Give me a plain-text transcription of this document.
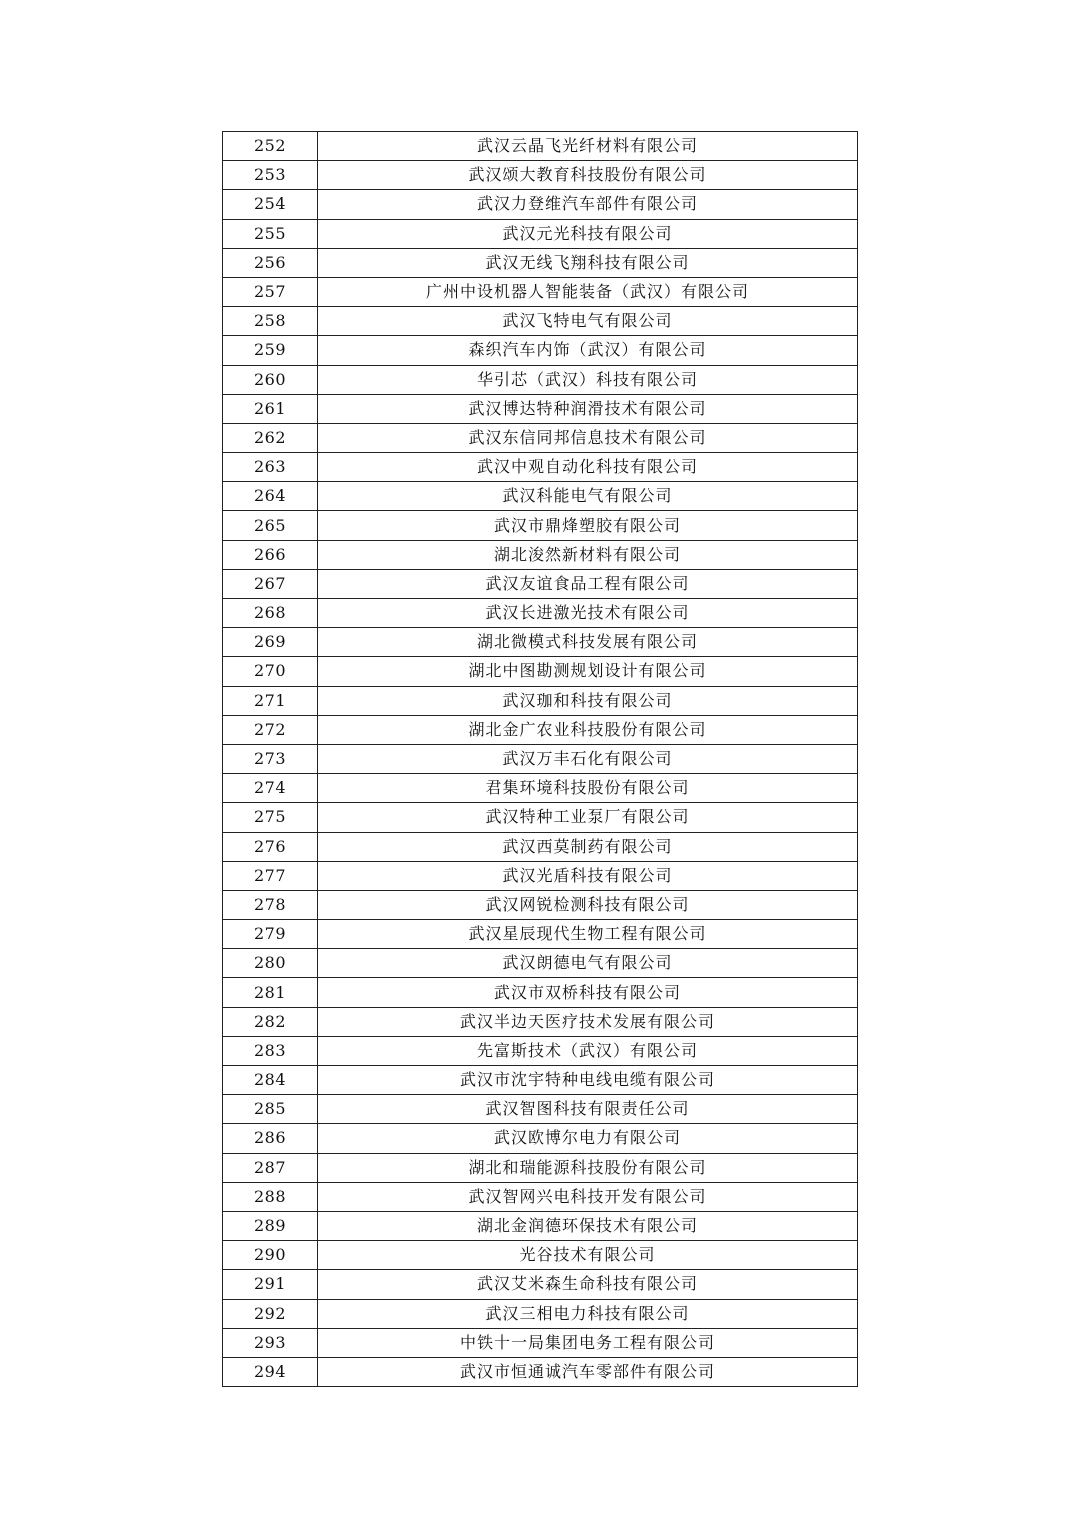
252	武汉云晶飞光纤材料有限公司
253	武汉颂大教育科技股份有限公司
254	武汉力登维汽车部件有限公司
255	武汉元光科技有限公司
256	武汉无线飞翔科技有限公司
257	广州中设机器人智能装备（武汉）有限公司
258	武汉飞特电气有限公司
259	森织汽车内饰（武汉）有限公司
260	华引芯（武汉）科技有限公司
261	武汉博达特种润滑技术有限公司
262	武汉东信同邦信息技术有限公司
263	武汉中观自动化科技有限公司
264	武汉科能电气有限公司
265	武汉市鼎烽塑胶有限公司
266	湖北浚然新材料有限公司
267	武汉友谊食品工程有限公司
268	武汉长进激光技术有限公司
269	湖北微模式科技发展有限公司
270	湖北中图勘测规划设计有限公司
271	武汉珈和科技有限公司
272	湖北金广农业科技股份有限公司
273	武汉万丰石化有限公司
274	君集环境科技股份有限公司
275	武汉特种工业泵厂有限公司
276	武汉西莫制药有限公司
277	武汉光盾科技有限公司
278	武汉网锐检测科技有限公司
279	武汉星辰现代生物工程有限公司
280	武汉朗德电气有限公司
281	武汉市双桥科技有限公司
282	武汉半边天医疗技术发展有限公司
283	先富斯技术（武汉）有限公司
284	武汉市沈宇特种电线电缆有限公司
285	武汉智图科技有限责任公司
286	武汉欧博尔电力有限公司
287	湖北和瑞能源科技股份有限公司
288	武汉智网兴电科技开发有限公司
289	湖北金润德环保技术有限公司
290	光谷技术有限公司
291	武汉艾米森生命科技有限公司
292	武汉三相电力科技有限公司
293	中铁十一局集团电务工程有限公司
294	武汉市恒通诚汽车零部件有限公司
